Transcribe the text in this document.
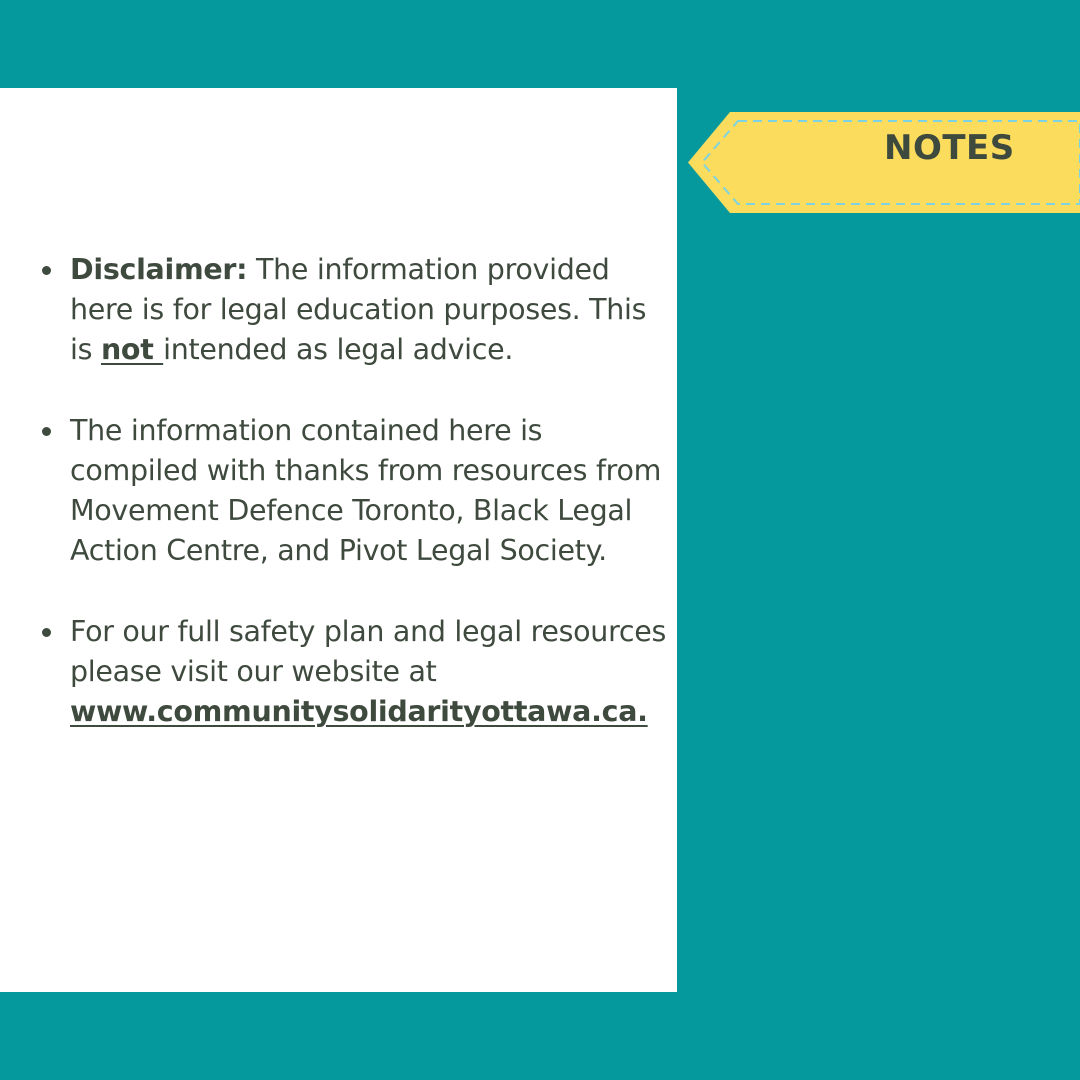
Disclaimer: The information provided here is for legal education purposes. This is not intended as legal advice.
The information contained here is compiled with thanks from resources from Movement Defence Toronto, Black Legal Action Centre, and Pivot Legal Society.
For our full safety plan and legal resources please visit our website at www.communitysolidarityottawa.ca.
NOTES
